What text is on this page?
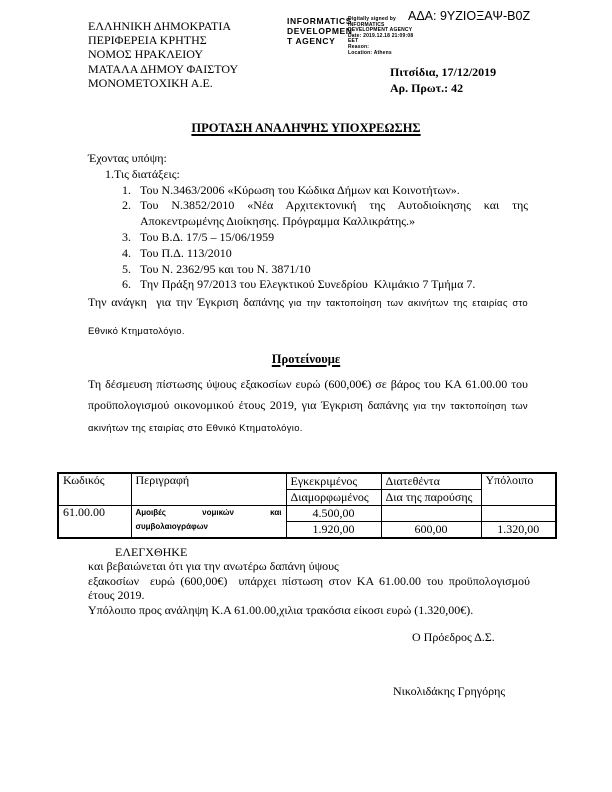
ΕΛΛΗΝΙΚΗ ΔΗΜΟΚΡΑΤΙΑ
ΠΕΡΙΦΕΡΕΙΑ ΚΡΗΤΗΣ
ΝΟΜΟΣ ΗΡΑΚΛΕΙΟΥ
ΜΑΤΑΛΑ ΔΗΜΟΥ ΦΑΙΣΤΟΥ
ΜΟΝΟΜΕΤΟΧΙΚΗ Α.Ε.
INFORMATICS
DEVELOPMEN
T AGENCY
Digitally signed by
INFORMATICS
DEVELOPMENT AGENCY
Date: 2019.12.18 21:09:08
EET
Reason:
Location: Athens
ΑΔΑ: 9ΥΖΙΟΞΑΨ-Β0Ζ
Πιτσίδια, 17/12/2019
Αρ. Πρωτ.: 42
ΠΡΟΤΑΣΗ ΑΝΑΛΗΨΗΣ ΥΠΟΧΡΕΩΣΗΣ
Έχοντας υπόψη:
1.Τις διατάξεις:
1. Του Ν.3463/2006 «Κύρωση του Κώδικα Δήμων και Κοινοτήτων».
2. Του Ν.3852/2010 «Νέα Αρχιτεκτονική της Αυτοδιοίκησης και της Αποκεντρωμένης Διοίκησης. Πρόγραμμα Καλλικράτης.»
3. Του Β.Δ. 17/5 – 15/06/1959
4. Του Π.Δ. 113/2010
5. Του Ν. 2362/95 και του Ν. 3871/10
6. Την Πράξη 97/2013 του Ελεγκτικού Συνεδρίου  Κλιμάκιο 7 Τμήμα 7.
Την ανάγκη  για την Έγκριση δαπάνης για την τακτοποίηση των ακινήτων της εταιρίας στο
Εθνικό Κτηματολόγιο.
Προτείνουμε
Τη δέσμευση πίστωσης ύψους εξακοσίων ευρώ (600,00€) σε βάρος του ΚΑ 61.00.00 του
προϋπολογισμού οικονομικού έτους 2019, για Έγκριση δαπάνης για την τακτοποίηση των
ακινήτων της εταιρίας στο Εθνικό Κτηματολόγιο.
Κωδικός	Περιγραφή	Εγκεκριμένος	Διατεθέντα	Υπόλοιπο
		Διαμορφωμένος	Δια της παρούσης	
61.00.00	Αμοιβές νομικών και
συμβολαιογράφων	4.500,00		
		1.920,00	600,00	1.320,00
ΕΛΕΓΧΘΗΚΕ
και βεβαιώνεται ότι για την ανωτέρω δαπάνη ύψους
εξακοσίων  ευρώ (600,00€)  υπάρχει πίστωση στον ΚΑ 61.00.00 του προϋπολογισμού
έτους 2019.
Υπόλοιπο προς ανάληψη Κ.Α 61.00.00,χιλια τρακόσια είκοσι ευρώ (1.320,00€).
Ο Πρόεδρος Δ.Σ.
Νικολιδάκης Γρηγόρης
